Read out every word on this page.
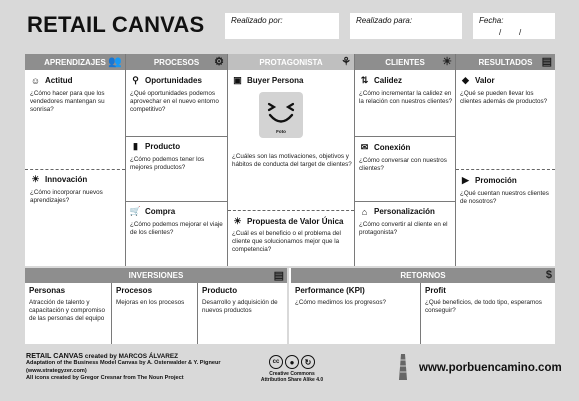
RETAIL CANVAS	Realizado por:	Realizado para:	Fecha:
/        /
APRENDIZAJES 👥
☺ Actitud
¿Cómo hacer para que los vendedores mantengan su sonrisa?
☀ Innovación
¿Cómo incorporar nuevos aprendizajes?
PROCESOS ⚙
⚲ Oportunidades
¿Qué oportunidades podemos aprovechar en el nuevo entorno competitivo?
▮ Producto
¿Cómo podemos tener los mejores productos?
🛒 Compra
¿Cómo podemos mejorar el viaje de los clientes?
PROTAGONISTA ⚘
▣ Buyer Persona
Foto
¿Cuáles son las motivaciones, objetivos y hábitos de conducta del target de clientes?
☀ Propuesta de Valor Única
¿Cuál es el beneficio o el problema del cliente que solucionamos mejor que la competencia?
CLIENTES ☀
⇅ Calidez
¿Cómo incrementar la calidez en la relación con nuestros clientes?
✉ Conexión
¿Cómo conversar con nuestros clientes?
⌂ Personalización
¿Cómo convertir al cliente en el protagonista?
RESULTADOS ▤
◆ Valor
¿Qué se pueden llevar los clientes además de productos?
▶ Promoción
¿Qué cuentan nuestros clientes de nosotros?
INVERSIONES	▤
Personas
Atracción de talento y capacitación y compromiso de las personas del equipo
Procesos
Mejoras en los procesos
Producto
Desarrollo y adquisición de nuevos productos
RETORNOS	$
Performance (KPI)
¿Cómo medimos los progresos?
Profit
¿Qué beneficios, de todo tipo, esperamos conseguir?
RETAIL CANVAS created by MARCOS ÁLVAREZ
Adaptation of the Business Model Canvas by A. Osterwalder & Y. Pigneur (www.strategyzer.com)
All icons created by Gregor Cresnar from The Noun Project
cc	●	↻
Creative Commons
Attribution Share Alike 4.0
www.porbuencamino.com
